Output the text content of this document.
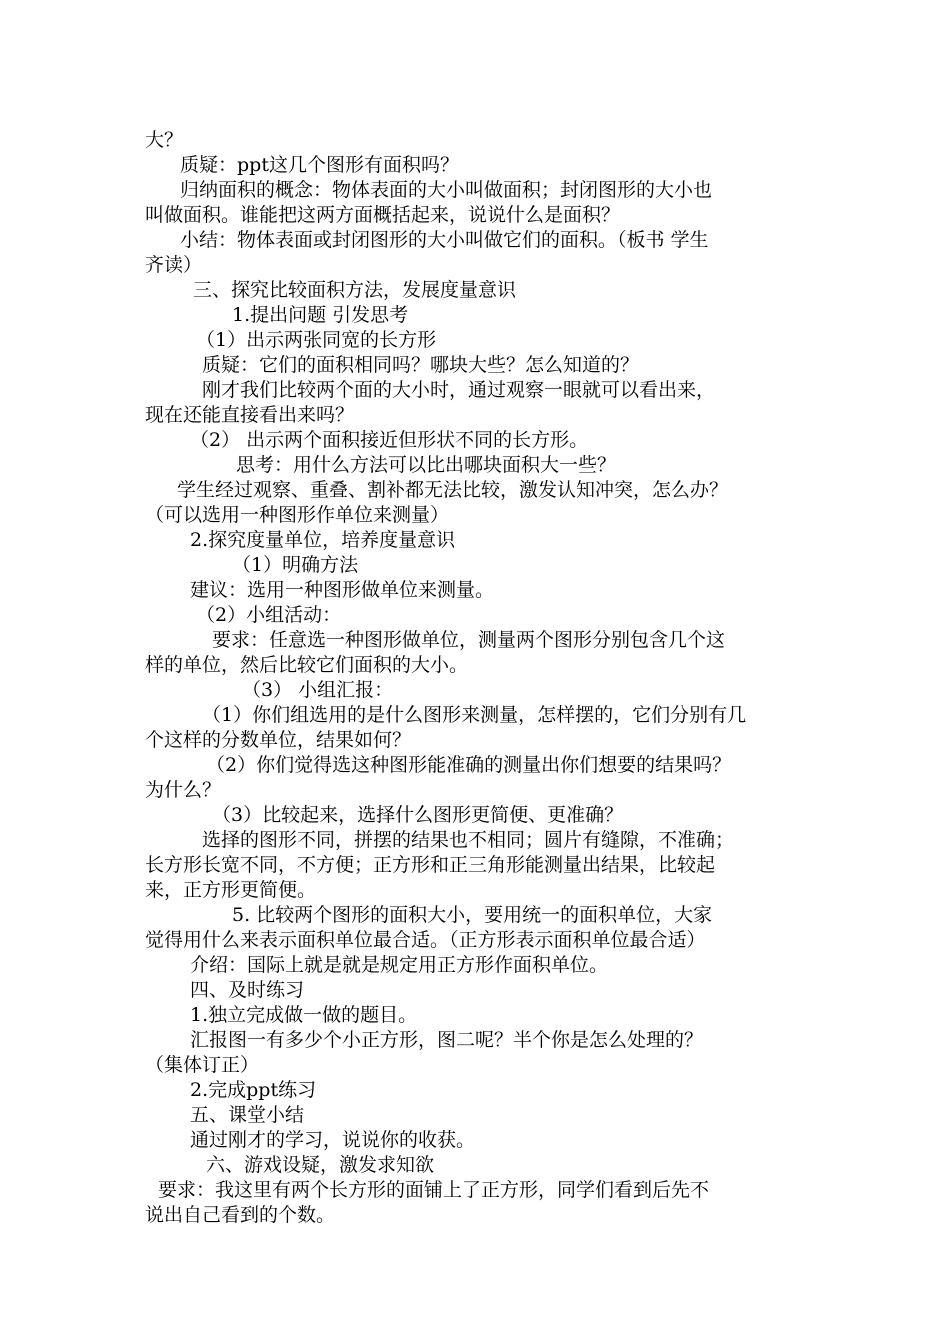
大？
质疑：ppt这几个图形有面积吗？
归纳面积的概念：物体表面的大小叫做面积；封闭图形的大小也
叫做面积。谁能把这两方面概括起来，说说什么是面积？
小结：物体表面或封闭图形的大小叫做它们的面积。（板书 学生
齐读）
三、探究比较面积方法，发展度量意识
1.提出问题 引发思考
（1）出示两张同宽的长方形
质疑：它们的面积相同吗？哪块大些？怎么知道的？
刚才我们比较两个面的大小时，通过观察一眼就可以看出来，
现在还能直接看出来吗？
（2） 出示两个面积接近但形状不同的长方形。
思考：用什么方法可以比出哪块面积大一些？
学生经过观察、重叠、割补都无法比较，激发认知冲突，怎么办？
（可以选用一种图形作单位来测量）
2.探究度量单位，培养度量意识
（1）明确方法
建议：选用一种图形做单位来测量。
（2）小组活动：
要求：任意选一种图形做单位，测量两个图形分别包含几个这
样的单位，然后比较它们面积的大小。
（3） 小组汇报：
（1）你们组选用的是什么图形来测量，怎样摆的，它们分别有几
个这样的分数单位，结果如何？
（2）你们觉得选这种图形能准确的测量出你们想要的结果吗？
为什么？
（3）比较起来，选择什么图形更简便、更准确？
选择的图形不同，拼摆的结果也不相同；圆片有缝隙，不准确；
长方形长宽不同，不方便；正方形和正三角形能测量出结果，比较起
来，正方形更简便。
5. 比较两个图形的面积大小，要用统一的面积单位，大家
觉得用什么来表示面积单位最合适。（正方形表示面积单位最合适）
介绍：国际上就是就是规定用正方形作面积单位。
四、及时练习
1.独立完成做一做的题目。
汇报图一有多少个小正方形，图二呢？半个你是怎么处理的？
（集体订正）
2.完成ppt练习
五、课堂小结
通过刚才的学习，说说你的收获。
六、游戏设疑，激发求知欲
要求：我这里有两个长方形的面铺上了正方形，同学们看到后先不
说出自己看到的个数。
